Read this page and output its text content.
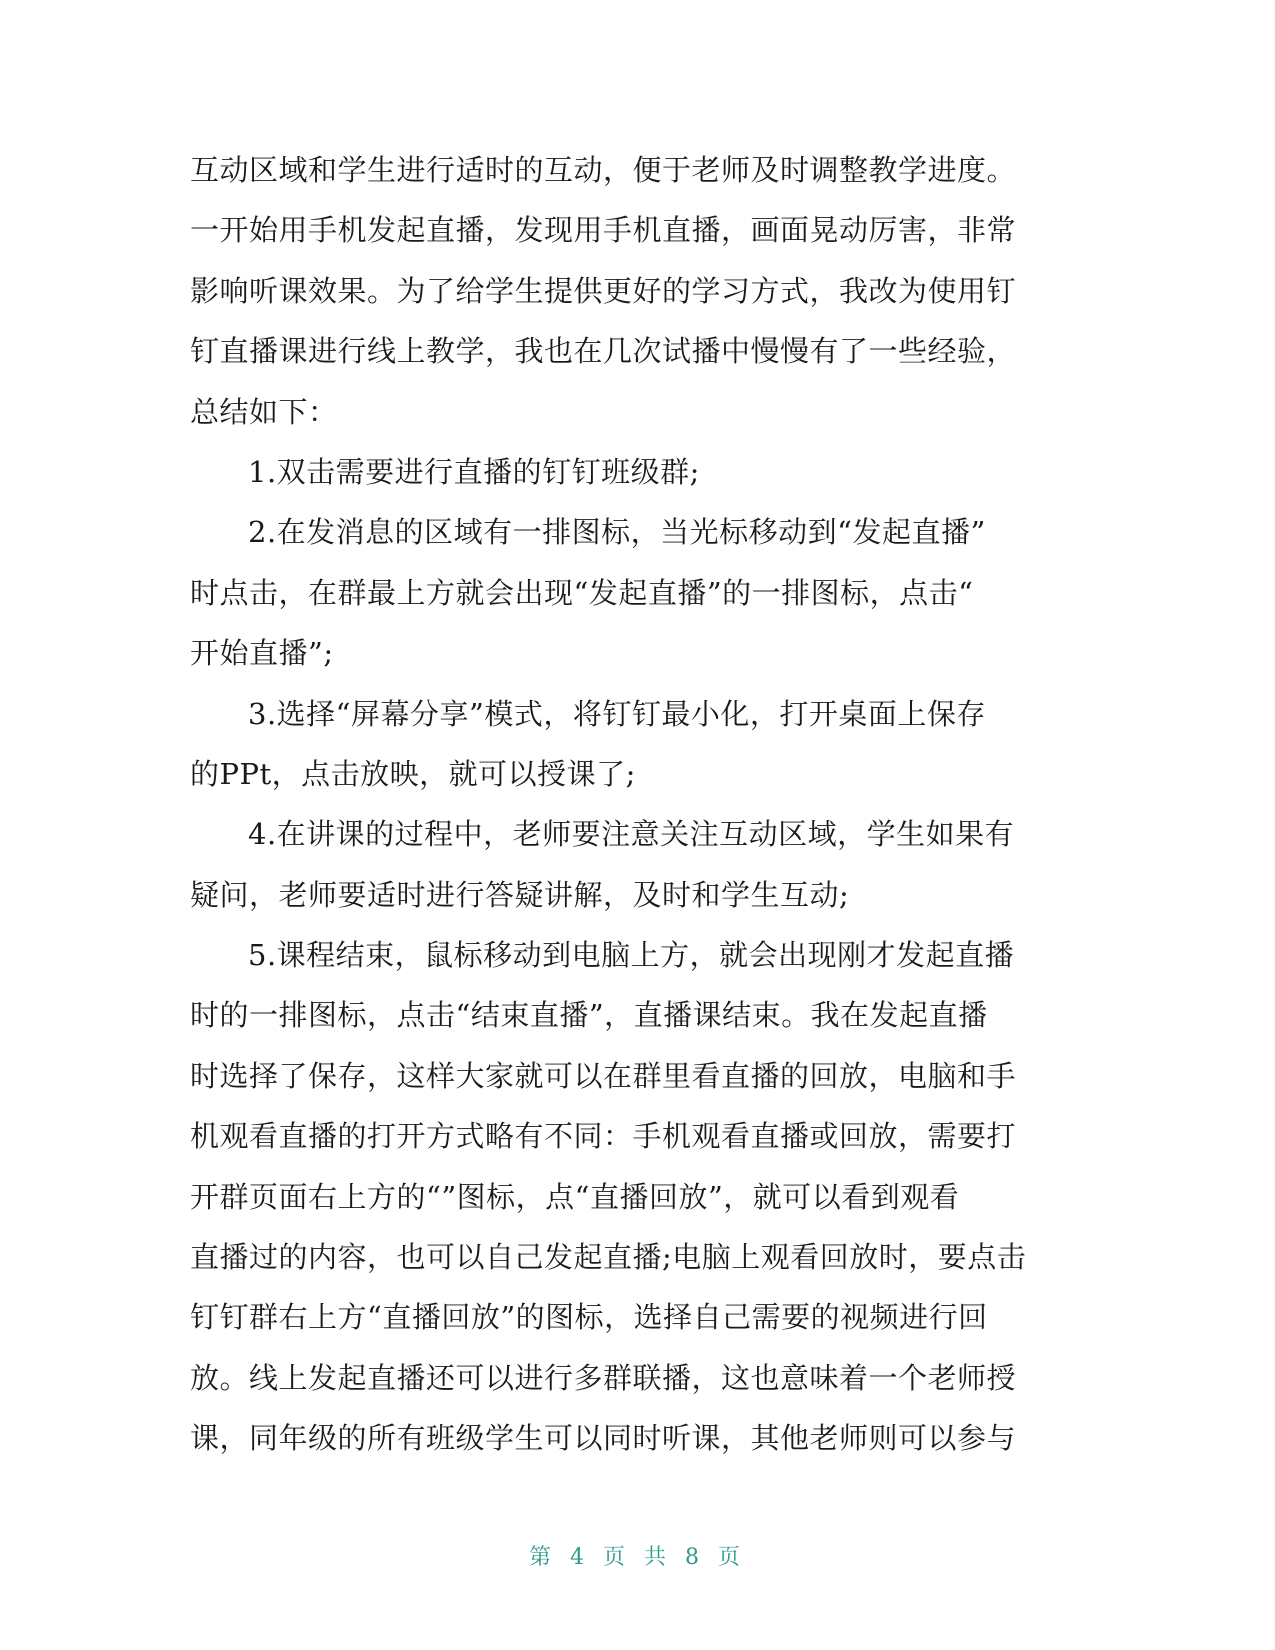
互动区域和学生进行适时的互动，便于老师及时调整教学进度。
一开始用手机发起直播，发现用手机直播，画面晃动厉害，非常
影响听课效果。为了给学生提供更好的学习方式，我改为使用钉
钉直播课进行线上教学，我也在几次试播中慢慢有了一些经验，
总结如下：
1.双击需要进行直播的钉钉班级群;
2.在发消息的区域有一排图标，当光标移动到“发起直播”
时点击，在群最上方就会出现“发起直播”的一排图标，点击“
开始直播”;
3.选择“屏幕分享”模式，将钉钉最小化，打开桌面上保存
的PPt，点击放映，就可以授课了;
4.在讲课的过程中，老师要注意关注互动区域，学生如果有
疑问，老师要适时进行答疑讲解，及时和学生互动;
5.课程结束，鼠标移动到电脑上方，就会出现刚才发起直播
时的一排图标，点击“结束直播”，直播课结束。我在发起直播
时选择了保存，这样大家就可以在群里看直播的回放，电脑和手
机观看直播的打开方式略有不同：手机观看直播或回放，需要打
开群页面右上方的“”图标，点“直播回放”，就可以看到观看
直播过的内容，也可以自己发起直播;电脑上观看回放时，要点击
钉钉群右上方“直播回放”的图标，选择自己需要的视频进行回
放。线上发起直播还可以进行多群联播，这也意味着一个老师授
课，同年级的所有班级学生可以同时听课，其他老师则可以参与
第 4 页 共 8 页
